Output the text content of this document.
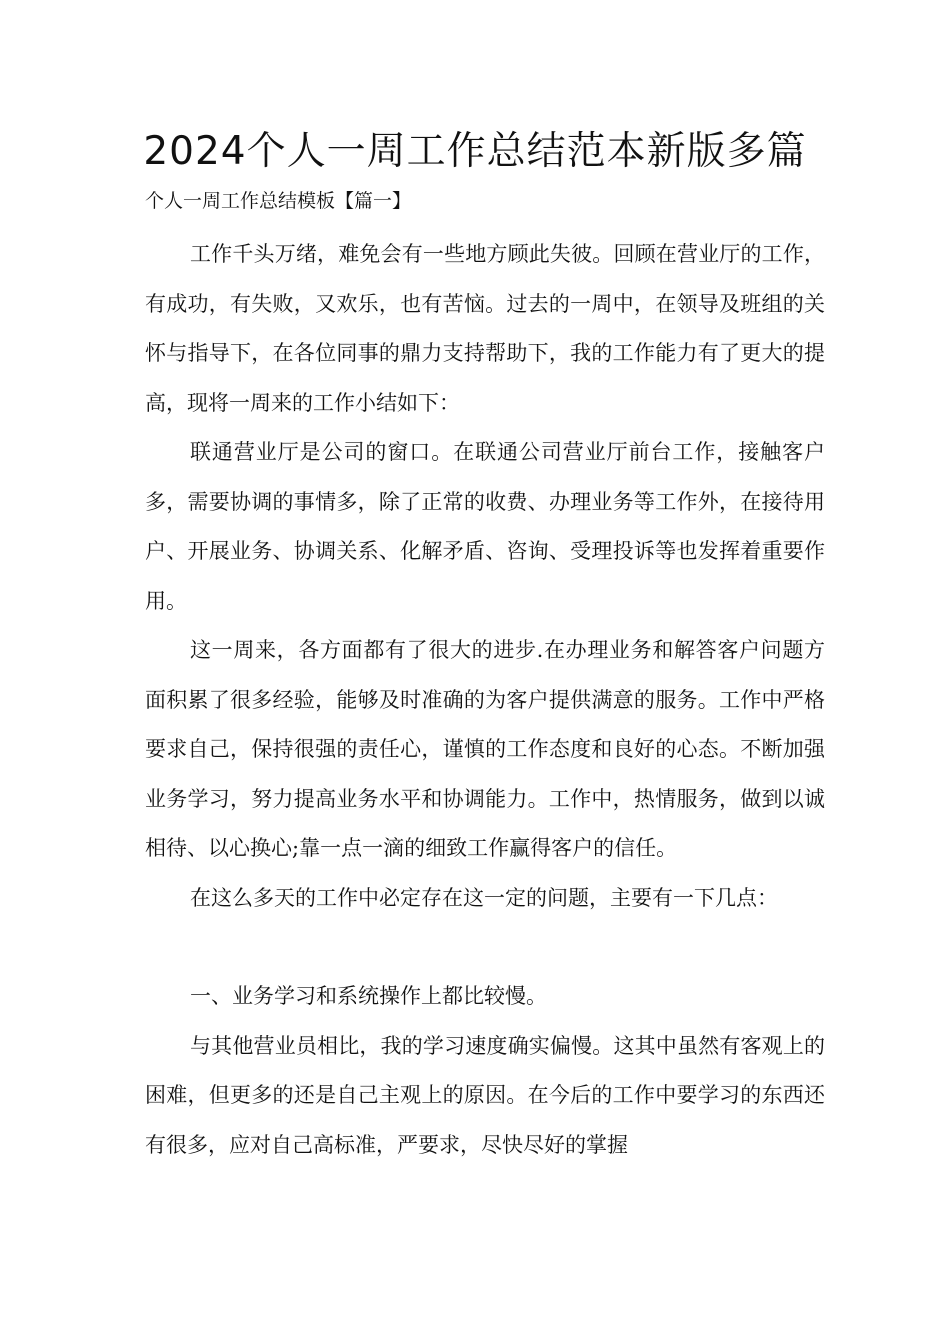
2024个人一周工作总结范本新版多篇
个人一周工作总结模板【篇一】

工作千头万绪，难免会有一些地方顾此失彼。回顾在营业厅的工作，有成功，有失败，又欢乐，也有苦恼。过去的一周中，在领导及班组的关怀与指导下，在各位同事的鼎力支持帮助下，我的工作能力有了更大的提高，现将一周来的工作小结如下：

联通营业厅是公司的窗口。在联通公司营业厅前台工作，接触客户多，需要协调的事情多，除了正常的收费、办理业务等工作外，在接待用户、开展业务、协调关系、化解矛盾、咨询、受理投诉等也发挥着重要作用。

这一周来，各方面都有了很大的进步.在办理业务和解答客户问题方面积累了很多经验，能够及时准确的为客户提供满意的服务。工作中严格要求自己，保持很强的责任心，谨慎的工作态度和良好的心态。不断加强业务学习，努力提高业务水平和协调能力。工作中，热情服务，做到以诚相待、以心换心;靠一点一滴的细致工作赢得客户的信任。

在这么多天的工作中必定存在这一定的问题，主要有一下几点：

一、业务学习和系统操作上都比较慢。

与其他营业员相比，我的学习速度确实偏慢。这其中虽然有客观上的困难，但更多的还是自己主观上的原因。在今后的工作中要学习的东西还有很多，应对自己高标准，严要求，尽快尽好的掌握
